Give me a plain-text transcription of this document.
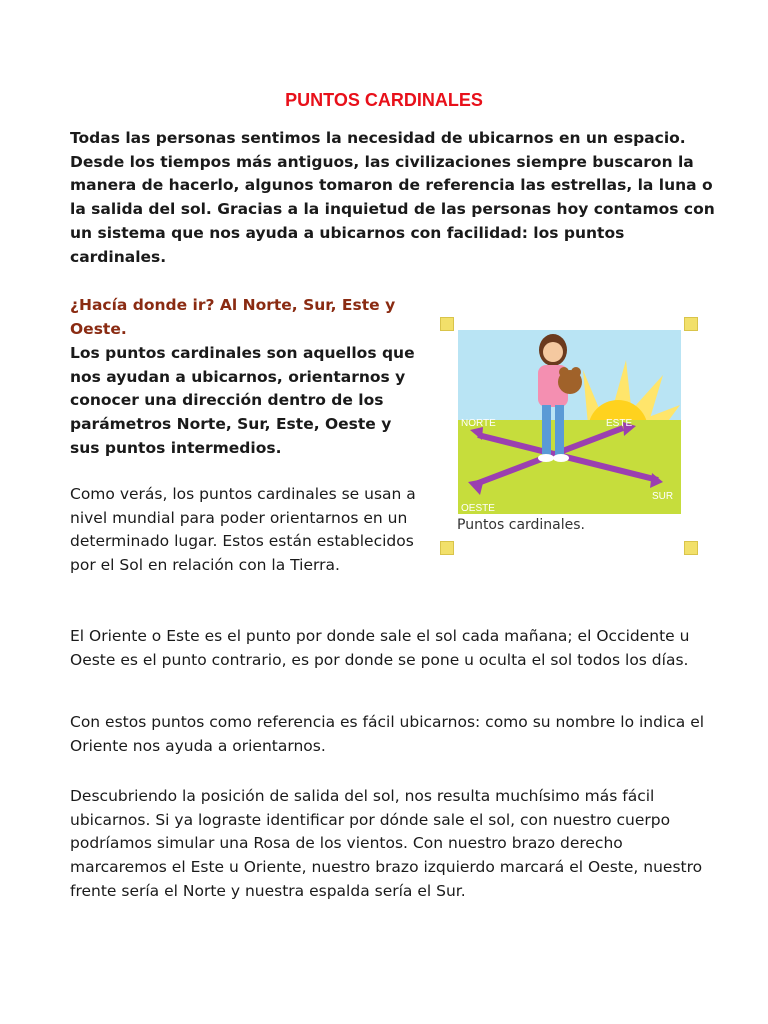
PUNTOS CARDINALES

Todas las personas sentimos la necesidad de ubicarnos en un espacio. Desde los tiempos más antiguos, las civilizaciones siempre buscaron la manera de hacerlo, algunos tomaron de referencia las estrellas, la luna o la salida del sol. Gracias a la inquietud de las personas hoy contamos con un sistema que nos ayuda a ubicarnos con facilidad: los puntos cardinales.

¿Hacía donde ir? Al Norte, Sur, Este y Oeste.

Los puntos cardinales son aquellos que nos ayudan a ubicarnos, orientarnos y conocer una dirección dentro de los parámetros Norte, Sur, Este, Oeste y sus puntos intermedios.

Como verás, los puntos cardinales se usan a nivel mundial para poder orientarnos en un determinado lugar. Estos están establecidos por el Sol en relación con la Tierra.

El Oriente o Este es el punto por donde sale el sol cada mañana; el Occidente u Oeste es el punto contrario, es por donde se pone u oculta el sol todos los días.

Con estos puntos como referencia es fácil ubicarnos: como su nombre lo indica el Oriente nos ayuda a orientarnos.

Descubriendo la posición de salida del sol, nos resulta muchísimo más fácil ubicarnos. Si ya lograste identificar por dónde sale el sol, con nuestro cuerpo podríamos simular una Rosa de los vientos. Con nuestro brazo derecho marcaremos el Este u Oriente, nuestro brazo izquierdo marcará el Oeste, nuestro frente sería el Norte y nuestra espalda sería el Sur.

NORTE	ESTE
OESTE
SUR
Puntos cardinales.
